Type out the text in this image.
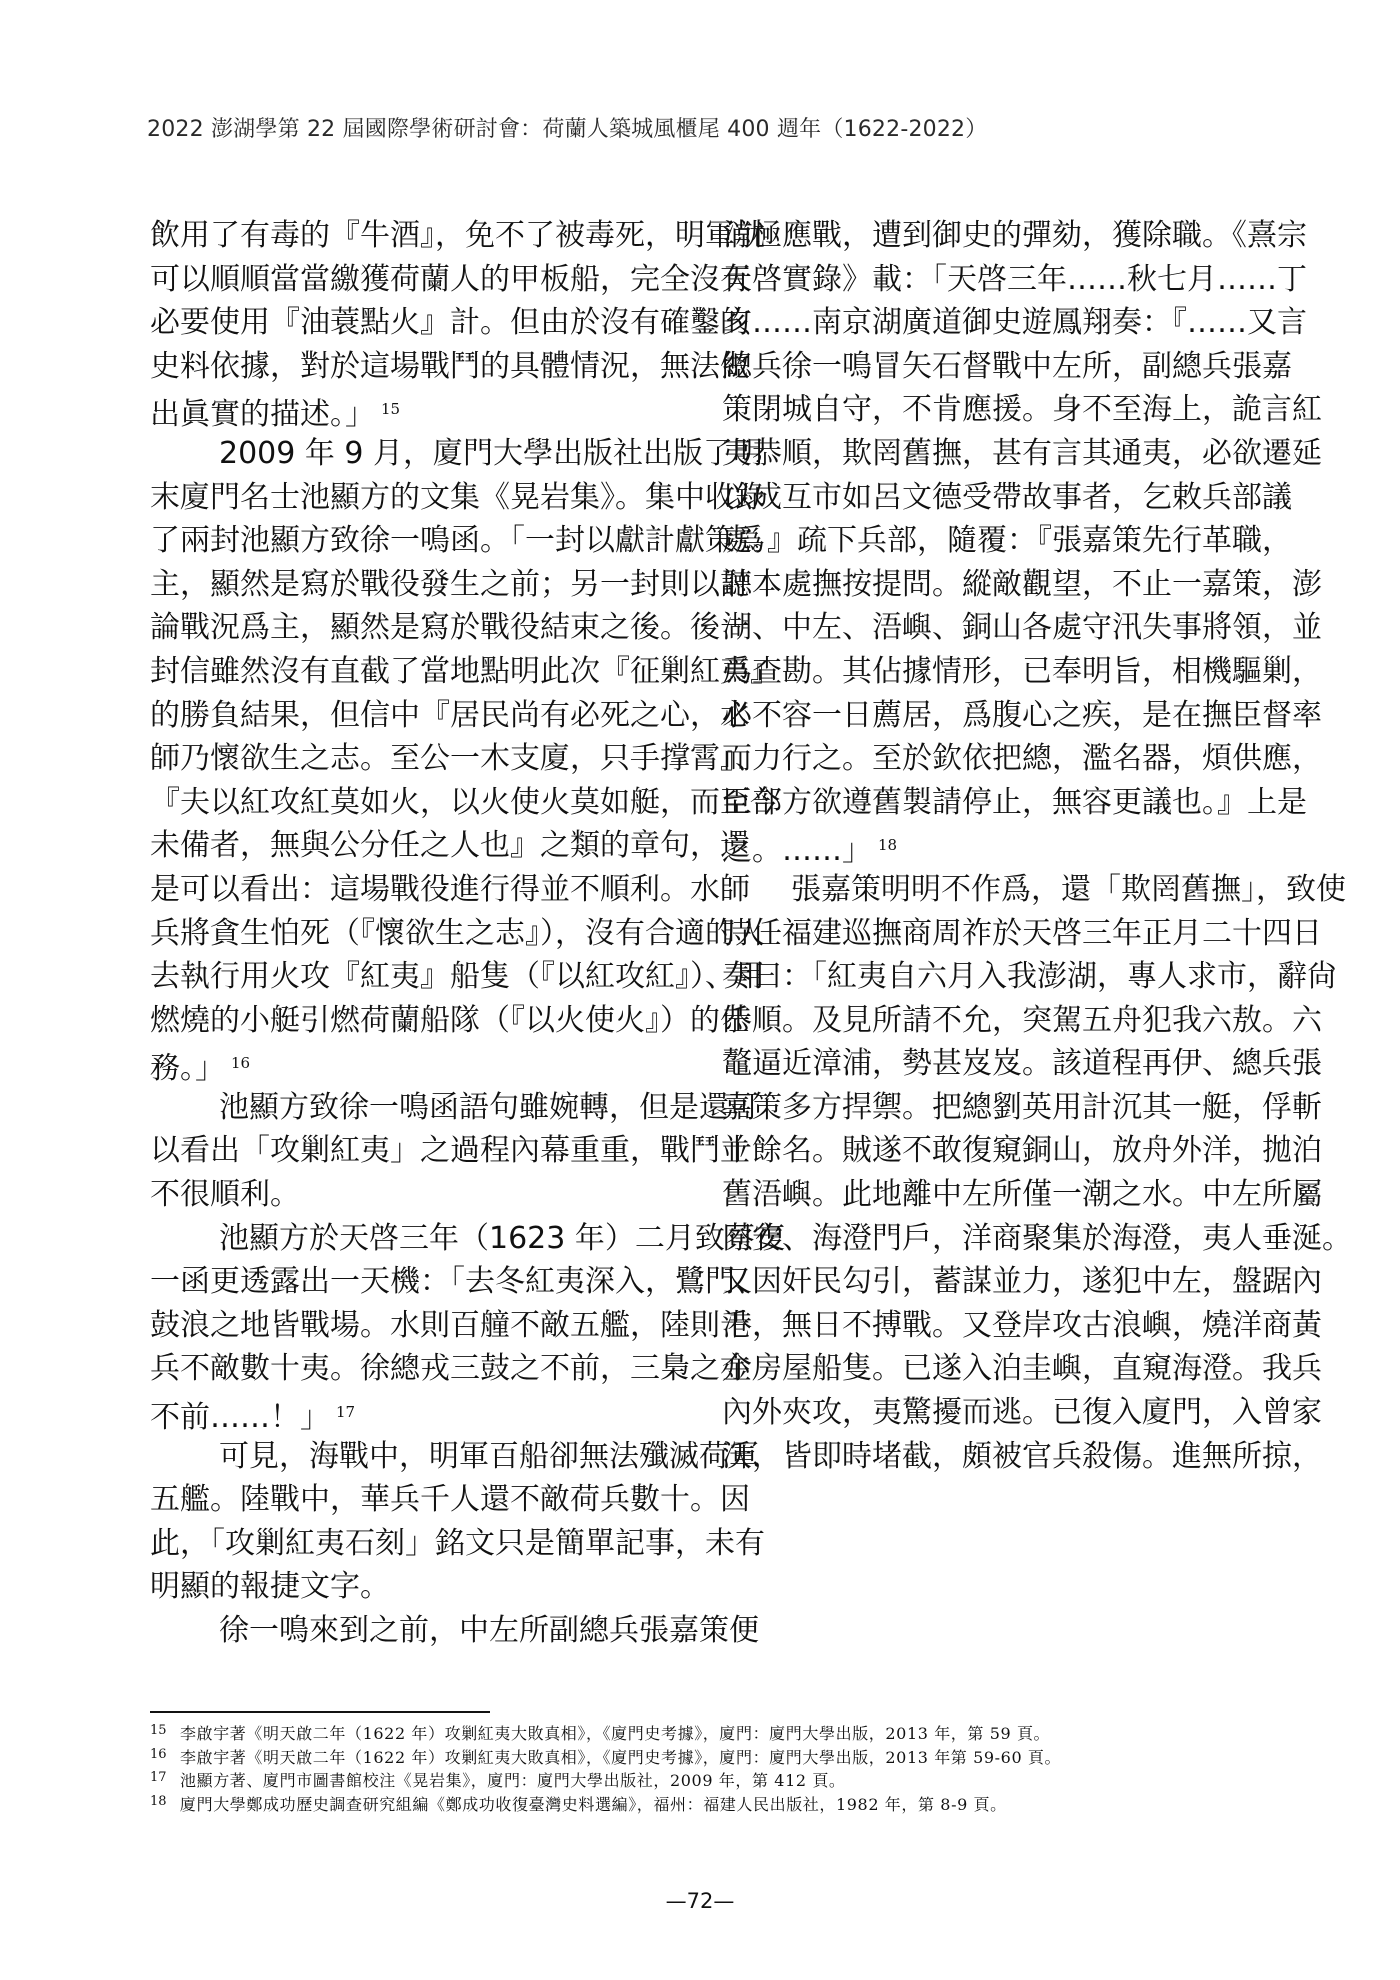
2022 澎湖學第 22 屆國際學術研討會：荷蘭人築城風櫃尾 400 週年（1622-2022）
飲用了有毒的『牛酒』，免不了被毒死，明軍就
可以順順當當繳獲荷蘭人的甲板船，完全沒有
必要使用『油蓑點火』計。但由於沒有確鑿的
史料依據，對於這場戰鬥的具體情況，無法做
出眞實的描述。」 $^{15}$
2009 年 9 月，廈門大學出版社出版了明
末廈門名士池顯方的文集《晃岩集》。集中收錄
了兩封池顯方致徐一鳴函。「一封以獻計獻策爲
主，顯然是寫於戰役發生之前；另一封則以討
論戰況爲主，顯然是寫於戰役結束之後。後一
封信雖然沒有直截了當地點明此次『征剿紅夷』
的勝負結果，但信中『居民尚有必死之心，水
師乃懷欲生之志。至公一木支廈，只手撑霄』、
『夫以紅攻紅莫如火，以火使火莫如艇，而至今
未備者，無與公分任之人也』之類的章句，還
是可以看出：這場戰役進行得並不順利。水師
兵將貪生怕死（『懷欲生之志』），沒有合適的人
去執行用火攻『紅夷』船隻（『以紅攻紅』）、用
燃燒的小艇引燃荷蘭船隊（『以火使火』）的任
務。」 $^{16}$
池顯方致徐一鳴函語句雖婉轉，但是還可
以看出「攻剿紅夷」之過程內幕重重，戰鬥並
不很順利。
池顯方於天啓三年（1623 年）二月致蔡復
一函更透露出一天機：「去冬紅夷深入，鷺門、
鼓浪之地皆戰場。水則百艟不敵五艦，陸則千
兵不敵數十夷。徐總戎三鼓之不前，三梟之亦
不前……！」 $^{17}$
可見，海戰中，明軍百船卻無法殲滅荷軍
五艦。陸戰中，華兵千人還不敵荷兵數十。因
此，「攻剿紅夷石刻」銘文只是簡單記事，未有
明顯的報捷文字。
徐一鳴來到之前，中左所副總兵張嘉策便
消極應戰，遭到御史的彈劾，獲除職。《熹宗
天啓實錄》載：「天啓三年……秋七月……丁
亥……南京湖廣道御史遊鳳翔奏：『……又言
總兵徐一鳴冒矢石督戰中左所，副總兵張嘉
策閉城自守，不肯應援。身不至海上，詭言紅
夷恭順，欺罔舊撫，甚有言其通夷，必欲遷延
以成互市如呂文德受帶故事者，乞敕兵部議
處。』疏下兵部，隨覆：『張嘉策先行革職，
聽本處撫按提問。縱敵觀望，不止一嘉策，澎
湖、中左、浯嶼、銅山各處守汛失事將領，並
爲查勘。其佔據情形，已奉明旨，相機驅剿，
必不容一日薦居，爲腹心之疾，是在撫臣督率
而力行之。至於欽依把總，濫名器，煩供應，
臣部方欲遵舊製請停止，無容更議也。』上是
之。……」 $^{18}$
張嘉策明明不作爲，還「欺罔舊撫」，致使
時任福建巡撫商周祚於天啓三年正月二十四日
奏曰：「紅夷自六月入我澎湖，專人求市，辭尙
恭順。及見所請不允，突駕五舟犯我六敖。六
鼇逼近漳浦，勢甚岌岌。該道程再伊、總兵張
嘉策多方捍禦。把總劉英用計沉其一艇，俘斬
十餘名。賊遂不敢復窺銅山，放舟外洋，拋泊
舊浯嶼。此地離中左所僅一潮之水。中左所屬
同安、海澄門戶，洋商聚集於海澄，夷人垂涎。
又因奸民勾引，蓄謀並力，遂犯中左，盤踞內
港，無日不搏戰。又登岸攻古浪嶼，燒洋商黃
金房屋船隻。已遂入泊圭嶼，直窺海澄。我兵
內外夾攻，夷驚擾而逃。已復入廈門，入曾家
沃，皆即時堵截，頗被官兵殺傷。進無所掠，
15 李啟宇著《明天啟二年（1622 年）攻剿紅夷大敗真相》，《廈門史考據》，廈門：廈門大學出版，2013 年，第 59 頁。
16 李啟宇著《明天啟二年（1622 年）攻剿紅夷大敗真相》，《廈門史考據》，廈門：廈門大學出版，2013 年第 59-60 頁。
17 池顯方著、廈門市圖書館校注《晃岩集》，廈門：廈門大學出版社，2009 年，第 412 頁。
18 廈門大學鄭成功歷史調查研究組編《鄭成功收復臺灣史料選編》，福州：福建人民出版社，1982 年，第 8-9 頁。
—72—
